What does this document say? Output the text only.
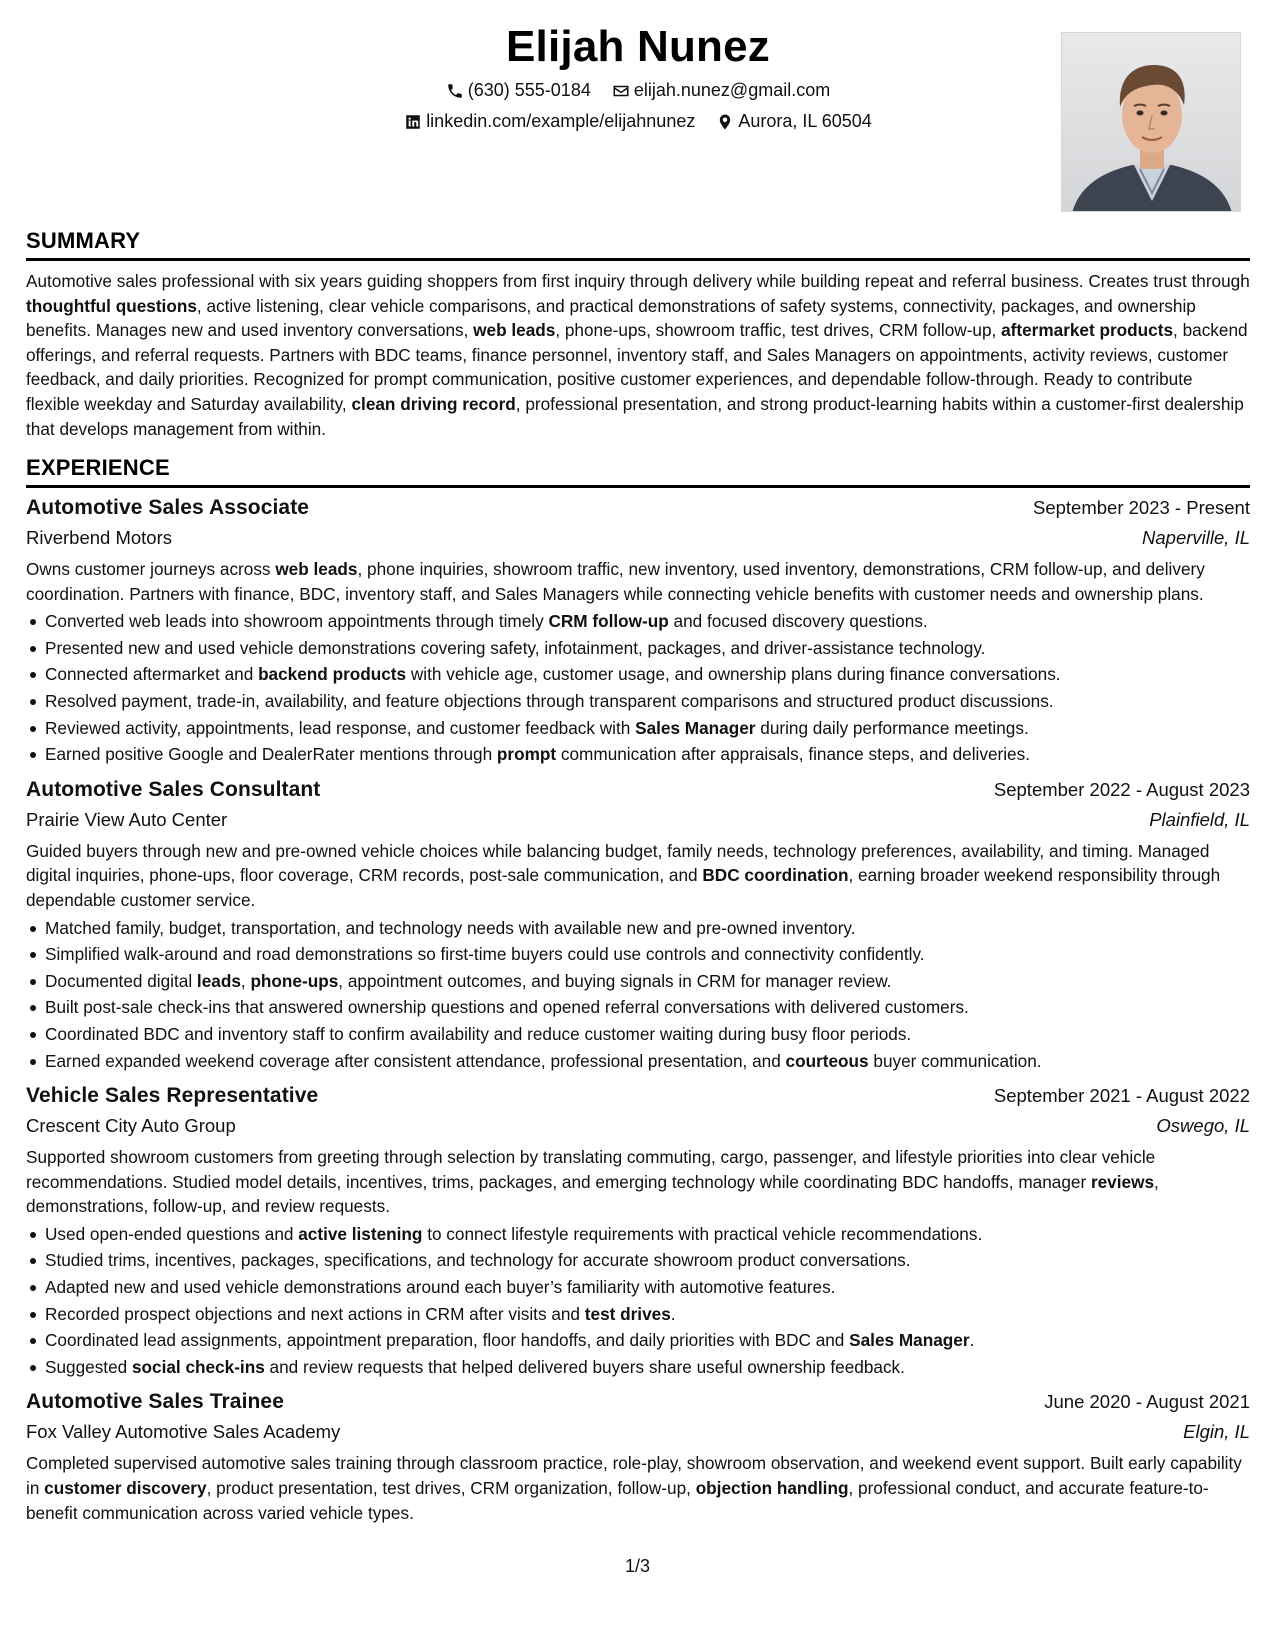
Elijah Nunez
(630) 555-0184
elijah.nunez@gmail.com
linkedin.com/example/elijahnunez
Aurora, IL 60504
SUMMARY
Automotive sales professional with six years guiding shoppers from first inquiry through delivery while building repeat and referral business. Creates trust through thoughtful questions, active listening, clear vehicle comparisons, and practical demonstrations of safety systems, connectivity, packages, and ownership benefits. Manages new and used inventory conversations, web leads, phone-ups, showroom traffic, test drives, CRM follow-up, aftermarket products, backend offerings, and referral requests. Partners with BDC teams, finance personnel, inventory staff, and Sales Managers on appointments, activity reviews, customer feedback, and daily priorities. Recognized for prompt communication, positive customer experiences, and dependable follow-through. Ready to contribute flexible weekday and Saturday availability, clean driving record, professional presentation, and strong product-learning habits within a customer-first dealership that develops management from within.
EXPERIENCE
Automotive Sales Associate	September 2023 - Present
Riverbend Motors	Naperville, IL
Owns customer journeys across web leads, phone inquiries, showroom traffic, new inventory, used inventory, demonstrations, CRM follow-up, and delivery coordination. Partners with finance, BDC, inventory staff, and Sales Managers while connecting vehicle benefits with customer needs and ownership plans.
Converted web leads into showroom appointments through timely CRM follow-up and focused discovery questions.
Presented new and used vehicle demonstrations covering safety, infotainment, packages, and driver-assistance technology.
Connected aftermarket and backend products with vehicle age, customer usage, and ownership plans during finance conversations.
Resolved payment, trade-in, availability, and feature objections through transparent comparisons and structured product discussions.
Reviewed activity, appointments, lead response, and customer feedback with Sales Manager during daily performance meetings.
Earned positive Google and DealerRater mentions through prompt communication after appraisals, finance steps, and deliveries.
Automotive Sales Consultant	September 2022 - August 2023
Prairie View Auto Center	Plainfield, IL
Guided buyers through new and pre-owned vehicle choices while balancing budget, family needs, technology preferences, availability, and timing. Managed digital inquiries, phone-ups, floor coverage, CRM records, post-sale communication, and BDC coordination, earning broader weekend responsibility through dependable customer service.
Matched family, budget, transportation, and technology needs with available new and pre-owned inventory.
Simplified walk-around and road demonstrations so first-time buyers could use controls and connectivity confidently.
Documented digital leads, phone-ups, appointment outcomes, and buying signals in CRM for manager review.
Built post-sale check-ins that answered ownership questions and opened referral conversations with delivered customers.
Coordinated BDC and inventory staff to confirm availability and reduce customer waiting during busy floor periods.
Earned expanded weekend coverage after consistent attendance, professional presentation, and courteous buyer communication.
Vehicle Sales Representative	September 2021 - August 2022
Crescent City Auto Group	Oswego, IL
Supported showroom customers from greeting through selection by translating commuting, cargo, passenger, and lifestyle priorities into clear vehicle recommendations. Studied model details, incentives, trims, packages, and emerging technology while coordinating BDC handoffs, manager reviews, demonstrations, follow-up, and review requests.
Used open-ended questions and active listening to connect lifestyle requirements with practical vehicle recommendations.
Studied trims, incentives, packages, specifications, and technology for accurate showroom product conversations.
Adapted new and used vehicle demonstrations around each buyer’s familiarity with automotive features.
Recorded prospect objections and next actions in CRM after visits and test drives.
Coordinated lead assignments, appointment preparation, floor handoffs, and daily priorities with BDC and Sales Manager.
Suggested social check-ins and review requests that helped delivered buyers share useful ownership feedback.
Automotive Sales Trainee	June 2020 - August 2021
Fox Valley Automotive Sales Academy	Elgin, IL
Completed supervised automotive sales training through classroom practice, role-play, showroom observation, and weekend event support. Built early capability in customer discovery, product presentation, test drives, CRM organization, follow-up, objection handling, professional conduct, and accurate feature-to-benefit communication across varied vehicle types.
1/3
